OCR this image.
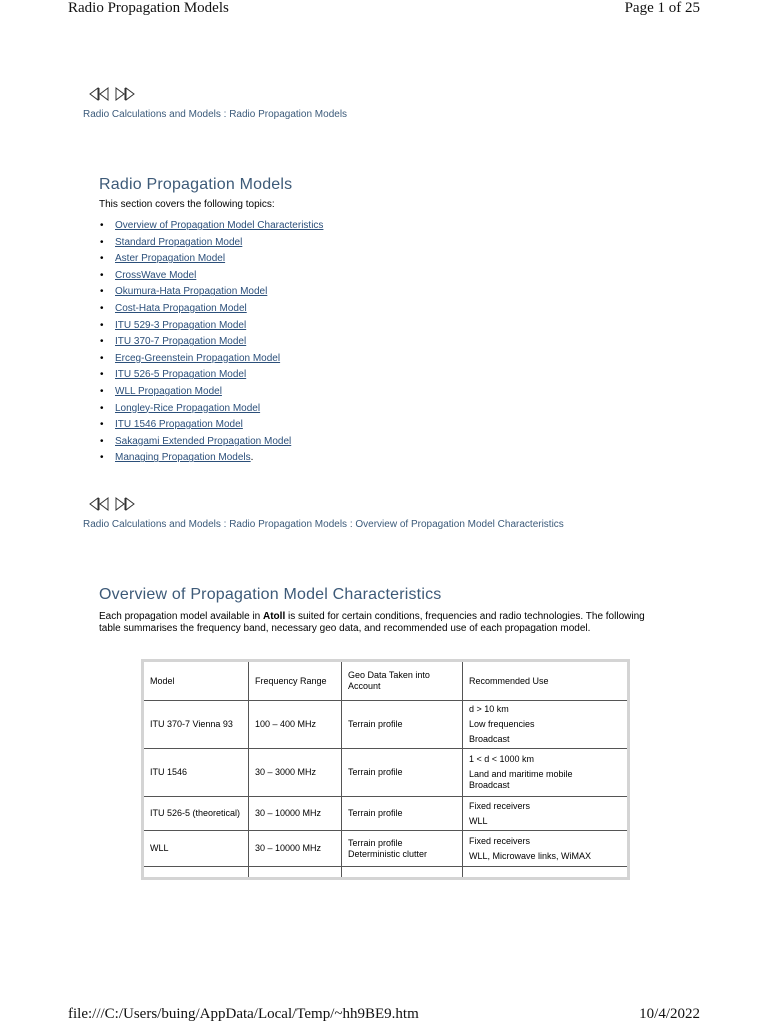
Radio Propagation Models	Page 1 of 25
Radio Calculations and Models : Radio Propagation Models
Radio Propagation Models

This section covers the following topics:

• Overview of Propagation Model Characteristics
• Standard Propagation Model
• Aster Propagation Model
• CrossWave Model
• Okumura-Hata Propagation Model
• Cost-Hata Propagation Model
• ITU 529-3 Propagation Model
• ITU 370-7 Propagation Model
• Erceg-Greenstein Propagation Model
• ITU 526-5 Propagation Model
• WLL Propagation Model
• Longley-Rice Propagation Model
• ITU 1546 Propagation Model
• Sakagami Extended Propagation Model
• Managing Propagation Models.
Radio Calculations and Models : Radio Propagation Models : Overview of Propagation Model Characteristics
Overview of Propagation Model Characteristics

Each propagation model available in Atoll is suited for certain conditions, frequencies and radio technologies. The following table summarises the frequency band, necessary geo data, and recommended use of each propagation model.

Model	Frequency Range	Geo Data Taken into Account	Recommended Use
ITU 370-7 Vienna 93	100 – 400 MHz	Terrain profile	d > 10 km
Low frequencies
Broadcast

ITU 1546	30 – 3000 MHz	Terrain profile	1 < d < 1000 km
Land and maritime mobile
Broadcast

ITU 526-5 (theoretical)	30 – 10000 MHz	Terrain profile	Fixed receivers
WLL

WLL	30 – 10000 MHz	Terrain profile Deterministic clutter	Fixed receivers
WLL, Microwave links, WiMAX

file:///C:/Users/buing/AppData/Local/Temp/~hh9BE9.htm	10/4/2022
